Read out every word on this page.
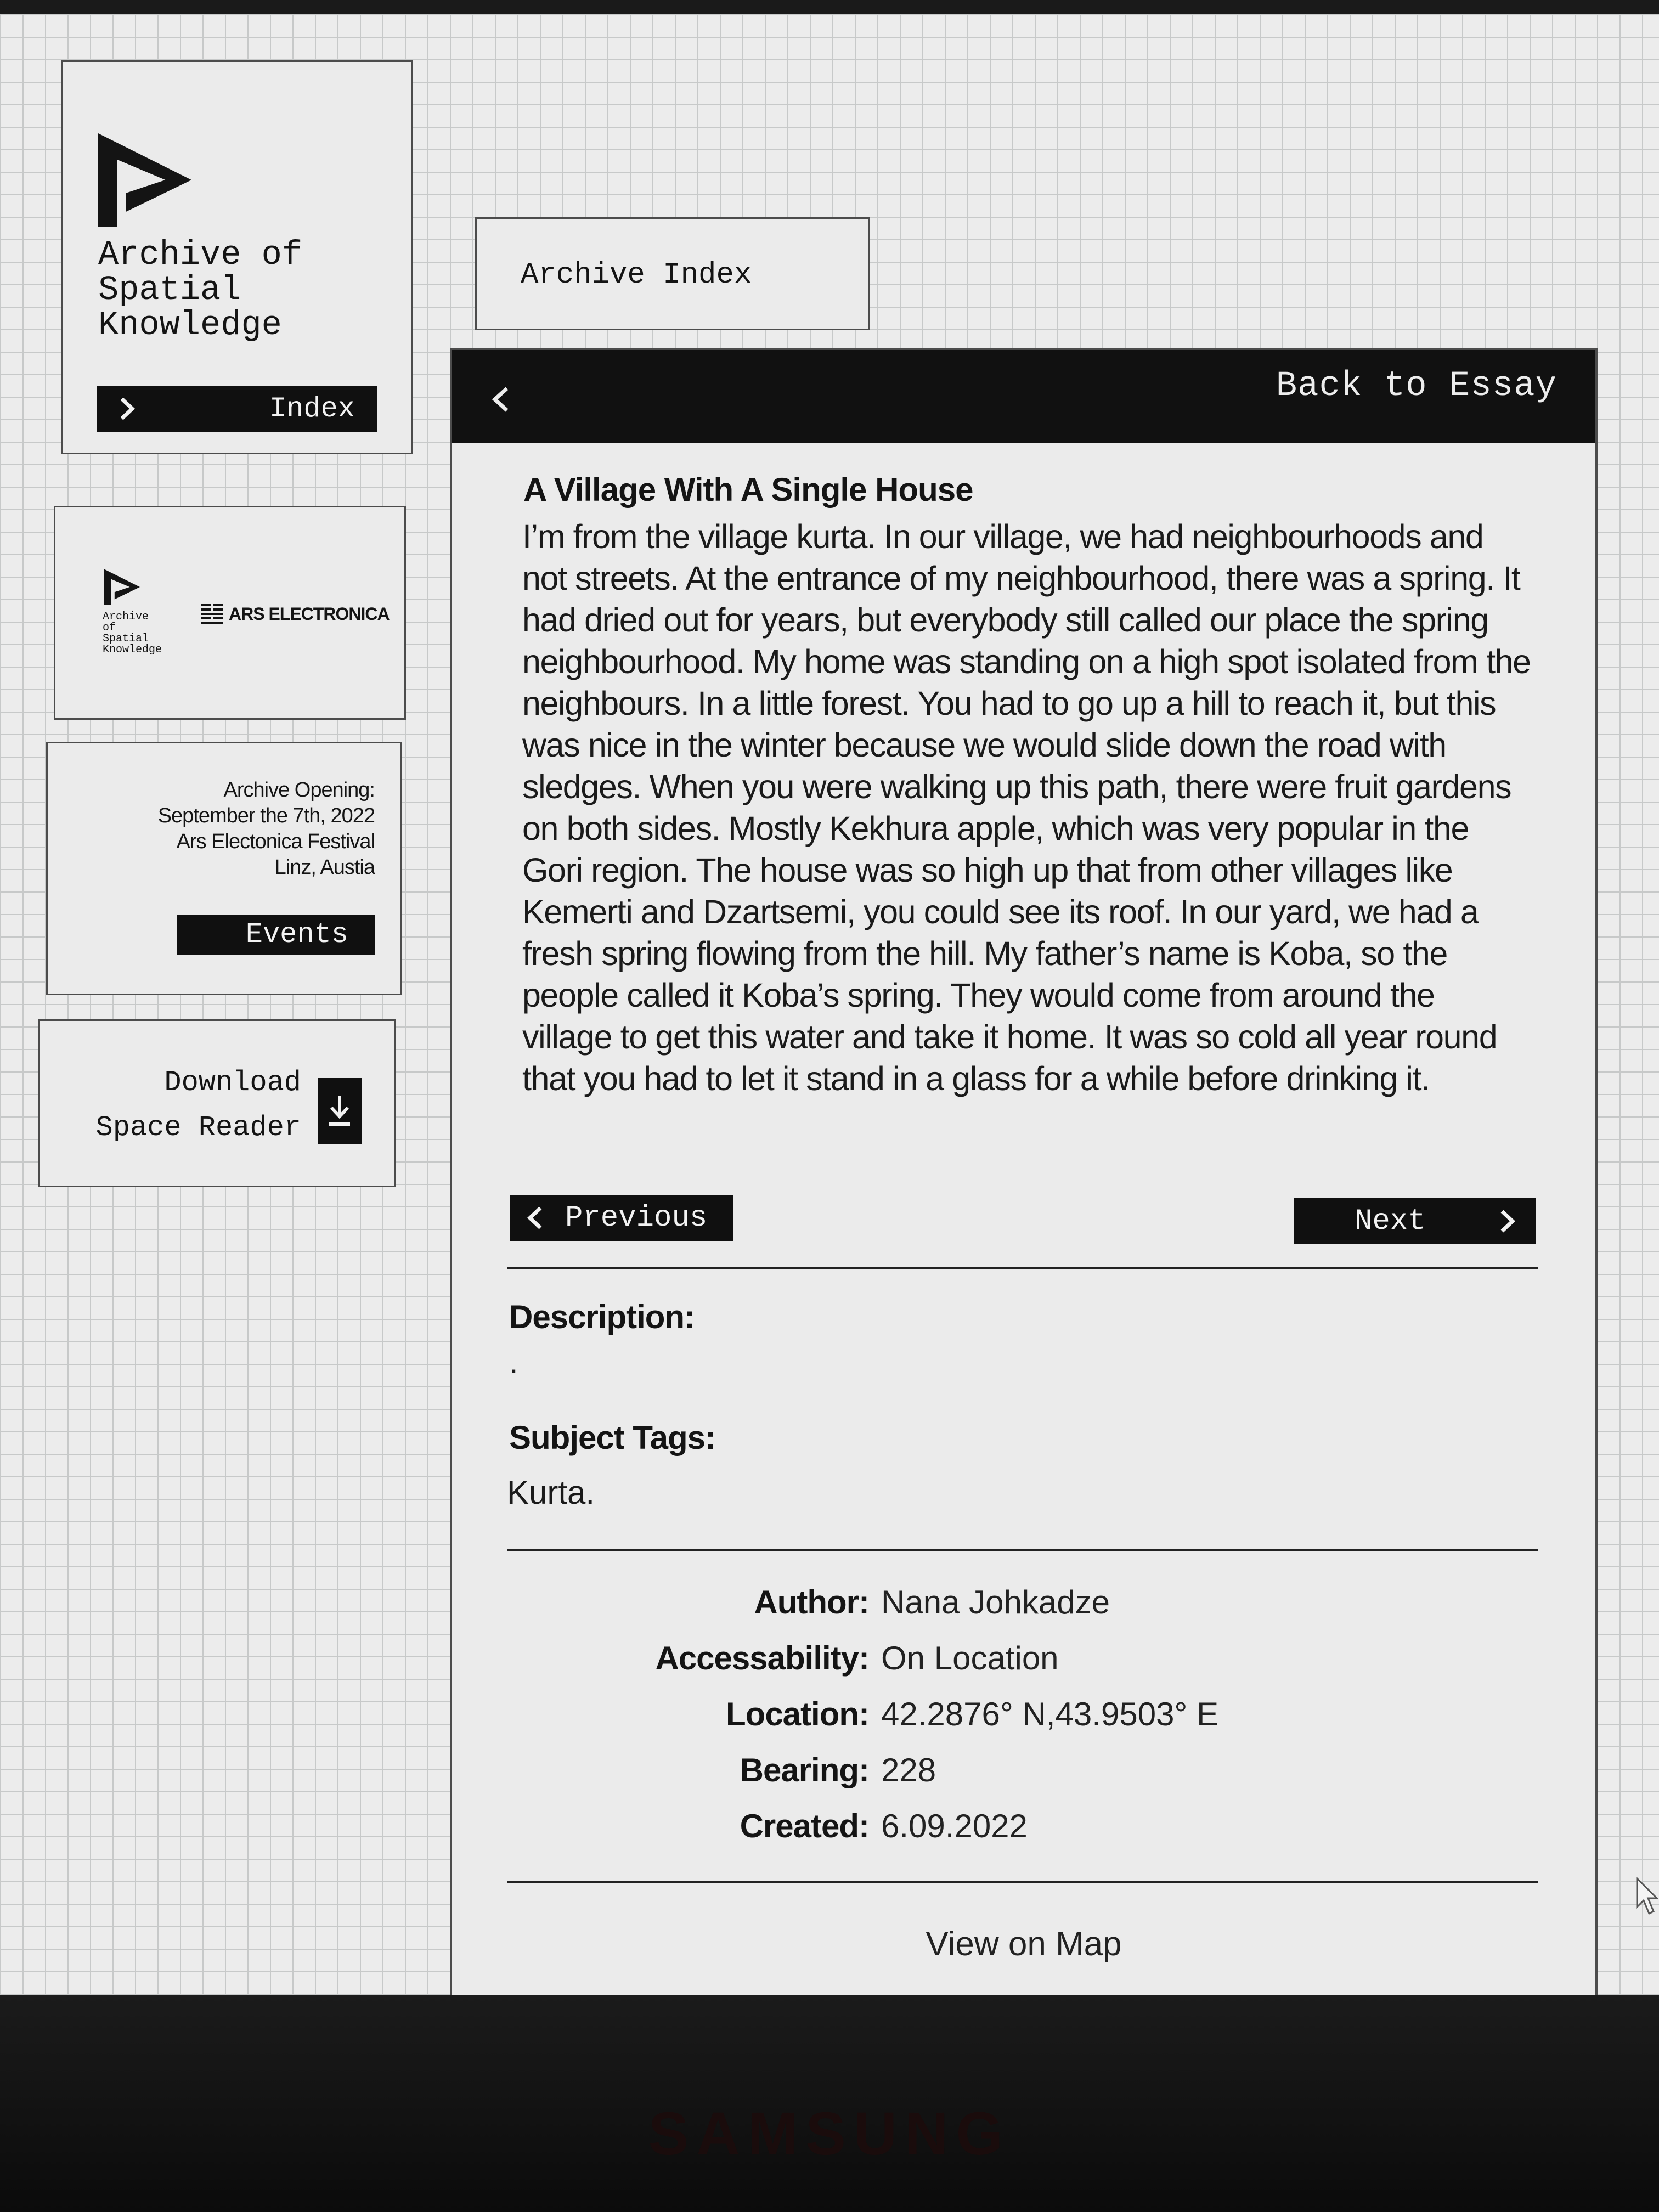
Archive of
Spatial
Knowledge
Index
Archive of
Spatial
Knowledge
ARS ELECTRONICA
Archive Opening:
September the 7th, 2022
Ars Electonica Festival
Linz, Austia
Events
Download
Space Reader
Archive Index
Back to Essay
A Village With A Single House
I’m from the village kurta. In our village, we had neighbourhoods and not streets. At the entrance of my neighbourhood, there was a spring. It had dried out for years, but everybody still called our place the spring neighbourhood. My home was standing on a high spot isolated from the neighbours. In a little forest. You had to go up a hill to reach it, but this was nice in the winter because we would slide down the road with sledges. When you were walking up this path, there were fruit gardens on both sides. Mostly Kekhura apple, which was very popular in the Gori region. The house was so high up that from other villages like Kemerti and Dzartsemi, you could see its roof. In our yard, we had a fresh spring flowing from the hill. My father’s name is Koba, so the people called it Koba’s spring. They would come from around the village to get this water and take it home. It was so cold all year round that you had to let it stand in a glass for a while before drinking it.
Previous	Next
Description:
.
Subject Tags:
Kurta.
Author: Nana Johkadze
Accessability: On Location
Location: 42.2876° N,43.9503° E
Bearing: 228
Created: 6.09.2022
View on Map
SAMSUNG
